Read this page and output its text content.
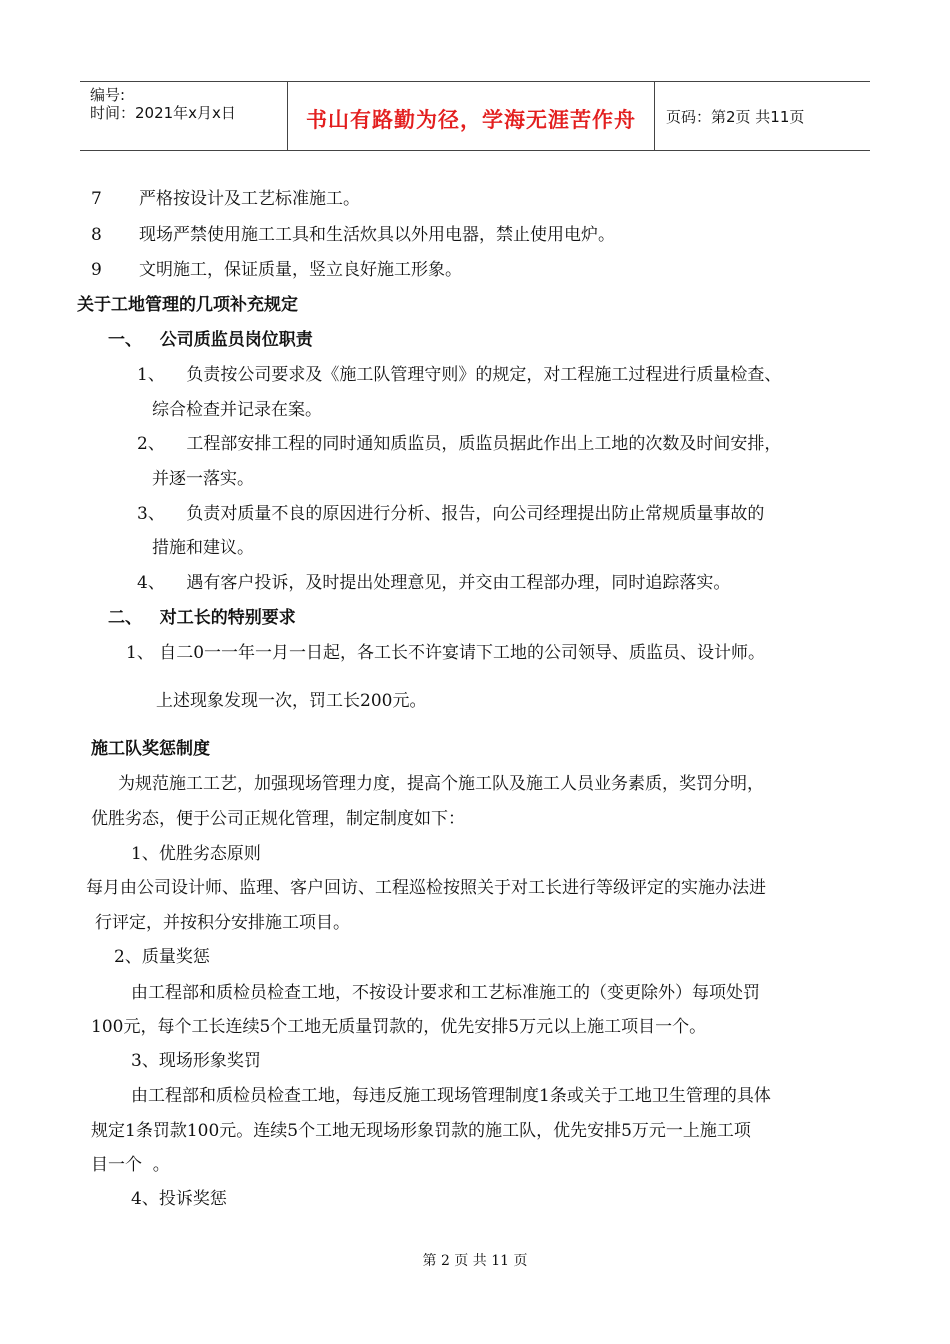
编号:
时间：2021年x月x日	书山有路勤为径，学海无涯苦作舟	页码：第2页 共11页
7 严格按设计及工艺标准施工。
8 现场严禁使用施工工具和生活炊具以外用电器，禁止使用电炉。
9 文明施工，保证质量，竖立良好施工形象。
关于工地管理的几项补充规定
一、   公司质监员岗位职责
1、    负责按公司要求及《施工队管理守则》的规定，对工程施工过程进行质量检查、
综合检查并记录在案。
2、    工程部安排工程的同时通知质监员，质监员据此作出上工地的次数及时间安排，
并逐一落实。
3、    负责对质量不良的原因进行分析、报告，向公司经理提出防止常规质量事故的
措施和建议。
4、    遇有客户投诉，及时提出处理意见，并交由工程部办理，同时追踪落实。
二、   对工长的特别要求
1、 自二0一一年一月一日起，各工长不许宴请下工地的公司领导、质监员、设计师。
上述现象发现一次，罚工长200元。
施工队奖惩制度
为规范施工工艺，加强现场管理力度，提高个施工队及施工人员业务素质，奖罚分明，
优胜劣态，便于公司正规化管理，制定制度如下：
1、优胜劣态原则
每月由公司设计师、监理、客户回访、工程巡检按照关于对工长进行等级评定的实施办法进
行评定，并按积分安排施工项目。
2、质量奖惩
由工程部和质检员检查工地，不按设计要求和工艺标准施工的（变更除外）每项处罚
100元，每个工长连续5个工地无质量罚款的，优先安排5万元以上施工项目一个。
3、现场形象奖罚
由工程部和质检员检查工地，每违反施工现场管理制度1条或关于工地卫生管理的具体
规定1条罚款100元。连续5个工地无现场形象罚款的施工队，优先安排5万元一上施工项
目一个  。
4、投诉奖惩
第 2 页 共 11 页
